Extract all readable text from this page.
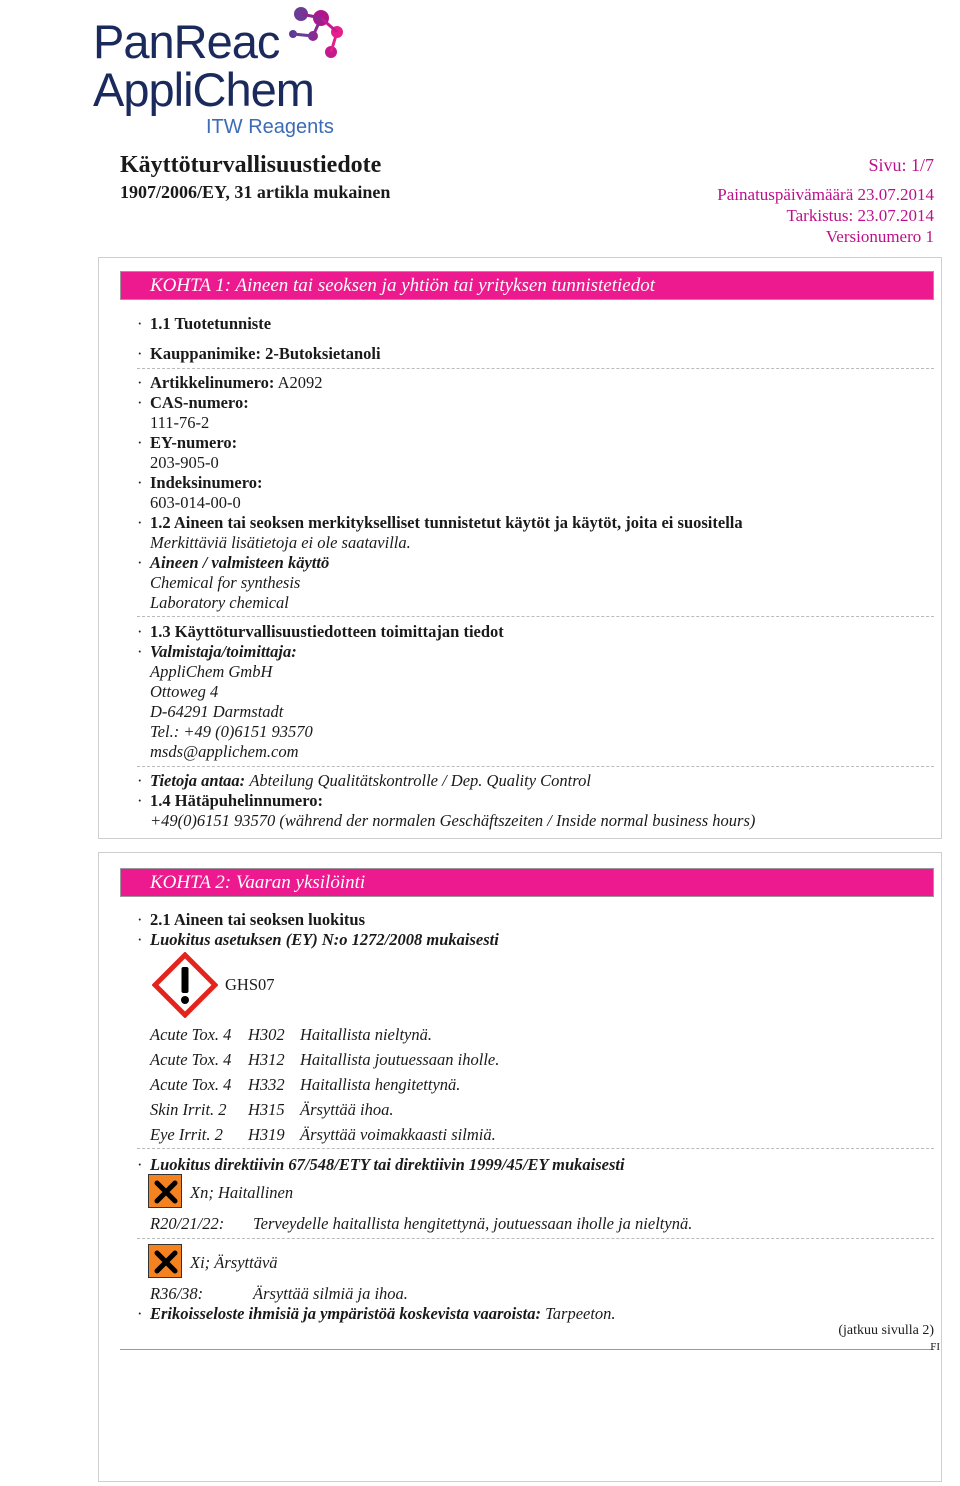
PanReac
AppliChem
ITW Reagents
Käyttöturvallisuustiedote
1907/2006/EY, 31 artikla mukainen
Sivu: 1/7
Painatuspäivämäärä 23.07.2014
Tarkistus: 23.07.2014
Versionumero 1
KOHTA 1: Aineen tai seoksen ja yhtiön tai yrityksen tunnistetiedot
· 1.1 Tuotetunniste
· Kauppanimike: 2-Butoksietanoli
· Artikkelinumero: A2092
· CAS-numero:
111-76-2
· EY-numero:
203-905-0
· Indeksinumero:
603-014-00-0
· 1.2 Aineen tai seoksen merkitykselliset tunnistetut käytöt ja käytöt, joita ei suositella
Merkittäviä lisätietoja ei ole saatavilla.
· Aineen / valmisteen käyttö
Chemical for synthesis
Laboratory chemical
· 1.3 Käyttöturvallisuustiedotteen toimittajan tiedot
· Valmistaja/toimittaja:
AppliChem GmbH
Ottoweg 4
D-64291 Darmstadt
Tel.: +49 (0)6151 93570
msds@applichem.com
· Tietoja antaa: Abteilung Qualitätskontrolle / Dep. Quality Control
· 1.4 Hätäpuhelinnumero:
+49(0)6151 93570 (während der normalen Geschäftszeiten / Inside normal business hours)
KOHTA 2: Vaaran yksilöinti
· 2.1 Aineen tai seoksen luokitus
· Luokitus asetuksen (EY) N:o 1272/2008 mukaisesti
GHS07
Acute Tox. 4 H302 Haitallista nieltynä.
Acute Tox. 4 H312 Haitallista joutuessaan iholle.
Acute Tox. 4 H332 Haitallista hengitettynä.
Skin Irrit. 2 H315 Ärsyttää ihoa.
Eye Irrit. 2 H319 Ärsyttää voimakkaasti silmiä.
· Luokitus direktiivin 67/548/ETY tai direktiivin 1999/45/EY mukaisesti
Xn; Haitallinen
R20/21/22: Terveydelle haitallista hengitettynä, joutuessaan iholle ja nieltynä.
Xi; Ärsyttävä
R36/38:	Ärsyttää silmiä ja ihoa.
· Erikoisseloste ihmisiä ja ympäristöä koskevista vaaroista: Tarpeeton.
(jatkuu sivulla 2)
FI
